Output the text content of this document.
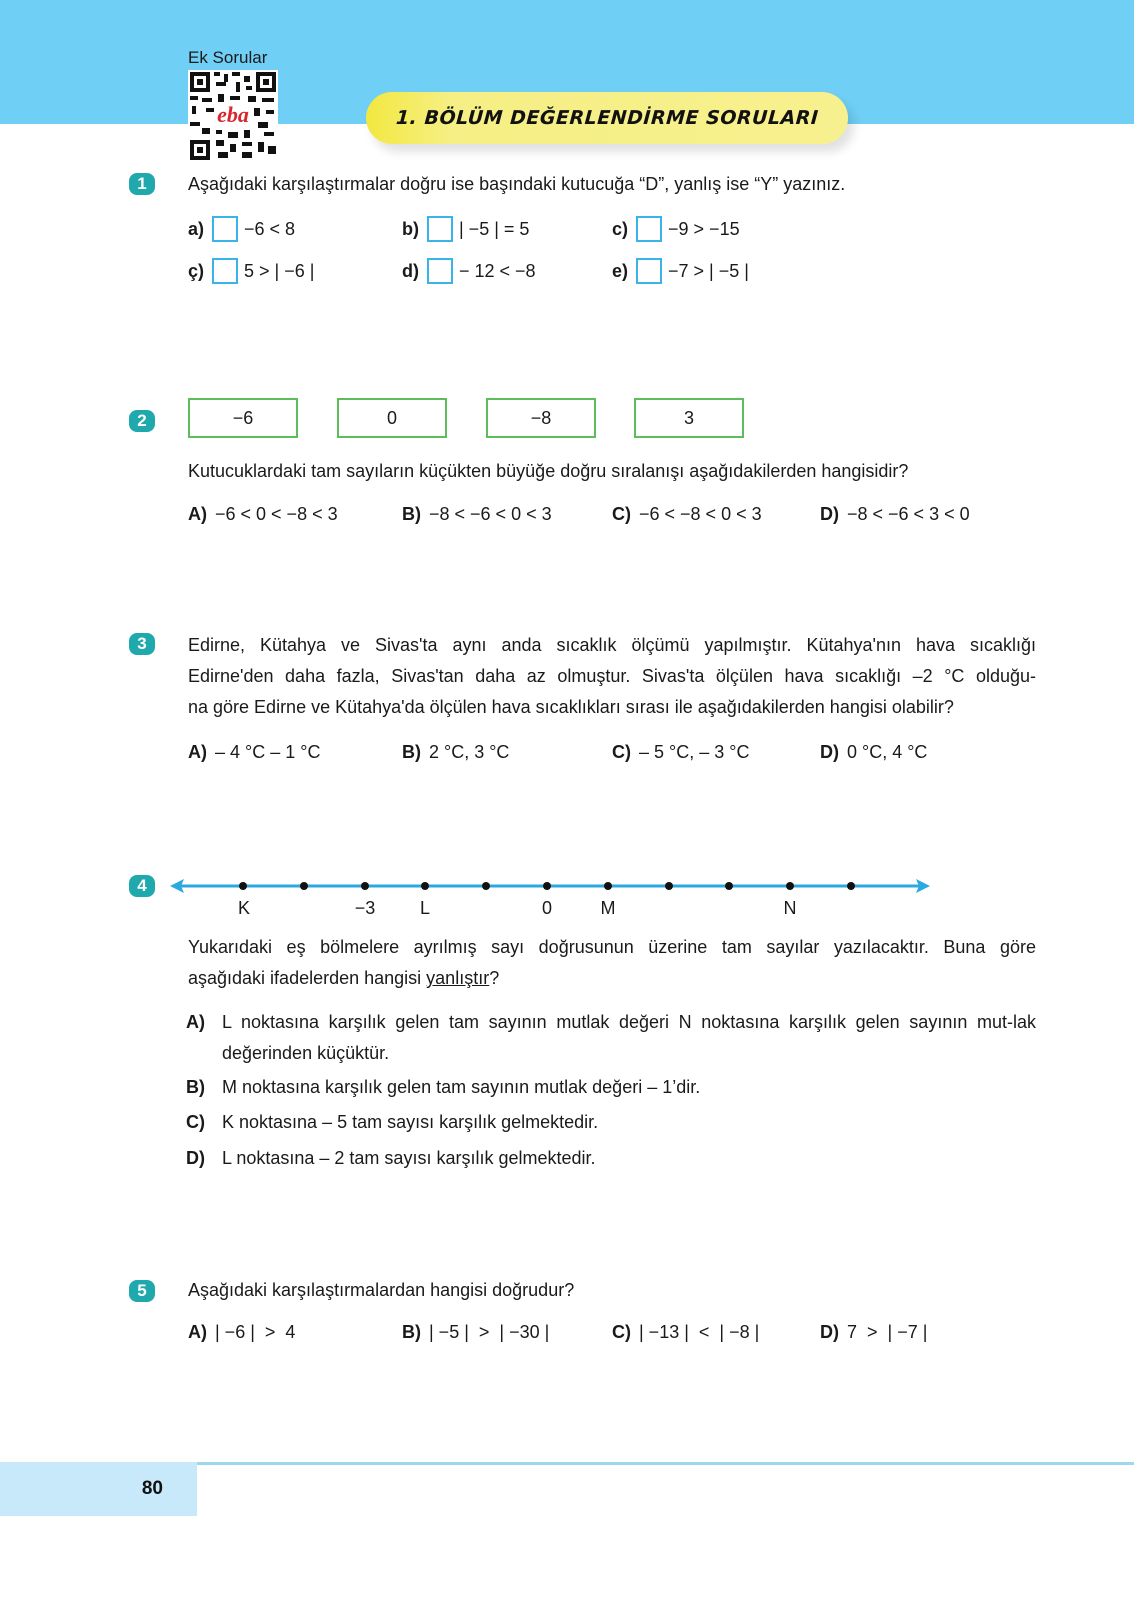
Ek Sorular
eba	1. BÖLÜM DEĞERLENDİRME SORULARI
1	Aşağıdaki karşılaştırmalar doğru ise başındaki kutucuğa “D”, yanlış ise “Y” yazınız.
a) −6 < 8	b) | −5 | = 5	c) −9 > −15
ç) 5 > | −6 |	d) − 12 < −8	e) −7 > | −5 |
2	−6	0	−8	3
Kutucuklardaki tam sayıların küçükten büyüğe doğru sıralanışı aşağıdakilerden hangisidir?
A) −6 < 0 < −8 < 3	B) −8 < −6 < 0 < 3	C) −6 < −8 < 0 < 3	D) −8 < −6 < 3 < 0
3	Edirne, Kütahya ve Sivas'ta aynı anda sıcaklık ölçümü yapılmıştır. Kütahya'nın hava sıcaklığı
Edirne'den daha fazla, Sivas'tan daha az olmuştur. Sivas'ta ölçülen hava sıcaklığı –2 °C olduğu-
na göre Edirne ve Kütahya'da ölçülen hava sıcaklıkları sırası ile aşağıdakilerden hangisi olabilir?
A) – 4 °C – 1 °C	B) 2 °C, 3 °C	C) – 5 °C, – 3 °C	D) 0 °C, 4 °C
4
K	−3 L	0	M	N
Yukarıdaki eş bölmelere ayrılmış sayı doğrusunun üzerine tam sayılar yazılacaktır. Buna göre
aşağıdaki ifadelerden hangisi yanlıştır?
A) L noktasına karşılık gelen tam sayının mutlak değeri N noktasına karşılık gelen sayının mut-lak değerinden küçüktür.
B) M noktasına karşılık gelen tam sayının mutlak değeri – 1’dir.
C) K noktasına – 5 tam sayısı karşılık gelmektedir.
D) L noktasına – 2 tam sayısı karşılık gelmektedir.
5	Aşağıdaki karşılaştırmalardan hangisi doğrudur?
A) | −6 |  >  4	B) | −5 |  >  | −30 |	C) | −13 |  <  | −8 |	D) 7  >  | −7 |
80
